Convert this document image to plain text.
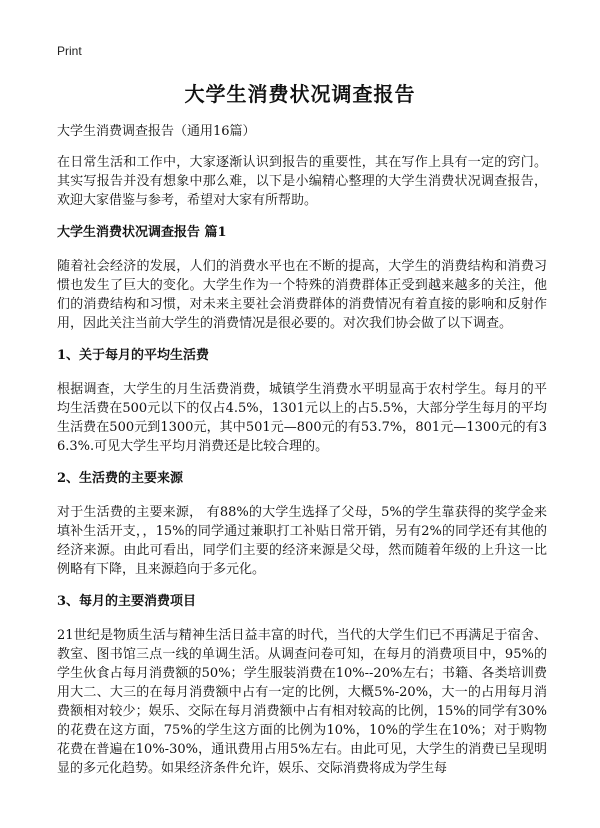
Print
大学生消费状况调查报告

大学生消费调查报告（通用16篇）

在日常生活和工作中，大家逐渐认识到报告的重要性，其在写作上具有一定的窍门。其实写报告并没有想象中那么难，以下是小编精心整理的大学生消费状况调查报告，欢迎大家借鉴与参考，希望对大家有所帮助。

大学生消费状况调查报告 篇1

随着社会经济的发展，人们的消费水平也在不断的提高，大学生的消费结构和消费习惯也发生了巨大的变化。大学生作为一个特殊的消费群体正受到越来越多的关注，他们的消费结构和习惯，对未来主要社会消费群体的消费情况有着直接的影响和反射作用，因此关注当前大学生的消费情况是很必要的。对次我们协会做了以下调查。

1、关于每月的平均生活费

根据调查，大学生的月生活费消费，城镇学生消费水平明显高于农村学生。每月的平均生活费在500元以下的仅占4.5%，1301元以上的占5.5%，大部分学生每月的平均生活费在500元到1300元，其中501元—800元的有53.7%，801元—1300元的有36.3%.可见大学生平均月消费还是比较合理的。

2、生活费的主要来源

对于生活费的主要来源， 有88%的大学生选择了父母，5%的学生靠获得的奖学金来填补生活开支，，15%的同学通过兼职打工补贴日常开销，另有2%的同学还有其他的经济来源。由此可看出，同学们主要的经济来源是父母，然而随着年级的上升这一比例略有下降，且来源趋向于多元化。

3、每月的主要消费项目

21世纪是物质生活与精神生活日益丰富的时代，当代的大学生们已不再满足于宿舍、教室、图书馆三点一线的单调生活。从调查问卷可知，在每月的消费项目中，95%的学生伙食占每月消费额的50%；学生服装消费在10%--20%左右；书籍、各类培训费用大二、大三的在每月消费额中占有一定的比例，大概5%-20%，大一的占用每月消费额相对较少；娱乐、交际在每月消费额中占有相对较高的比例，15%的同学有30%的花费在这方面，75%的学生这方面的比例为10%，10%的学生在10%；对于购物花费在普遍在10%-30%，通讯费用占用5%左右。由此可见，大学生的消费已呈现明显的多元化趋势。如果经济条件允许，娱乐、交际消费将成为学生每
